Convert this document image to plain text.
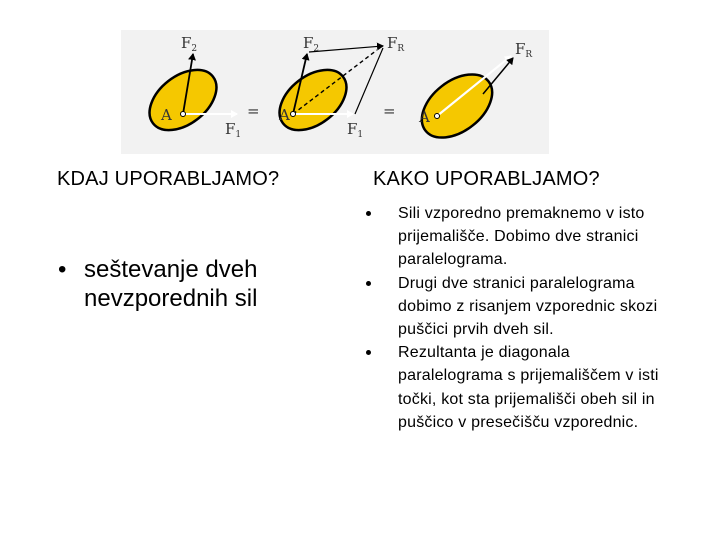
A
$F_2$
$F_1$
= A
$F_2$	$F_R$
$F_1$
= A
$F_R$
KDAJ UPORABLJAMO?	KAKO UPORABLJAMO?
• seštevanje dveh nevzporednih sil
Sili vzporedno premaknemo v isto prijemališče. Dobimo dve stranici paralelograma.
Drugi dve stranici paralelograma dobimo z risanjem vzporednic skozi puščici prvih dveh sil.
Rezultanta je diagonala paralelograma s prijemališčem v isti točki, kot sta prijemališči obeh sil in puščico v presečišču vzporednic.
